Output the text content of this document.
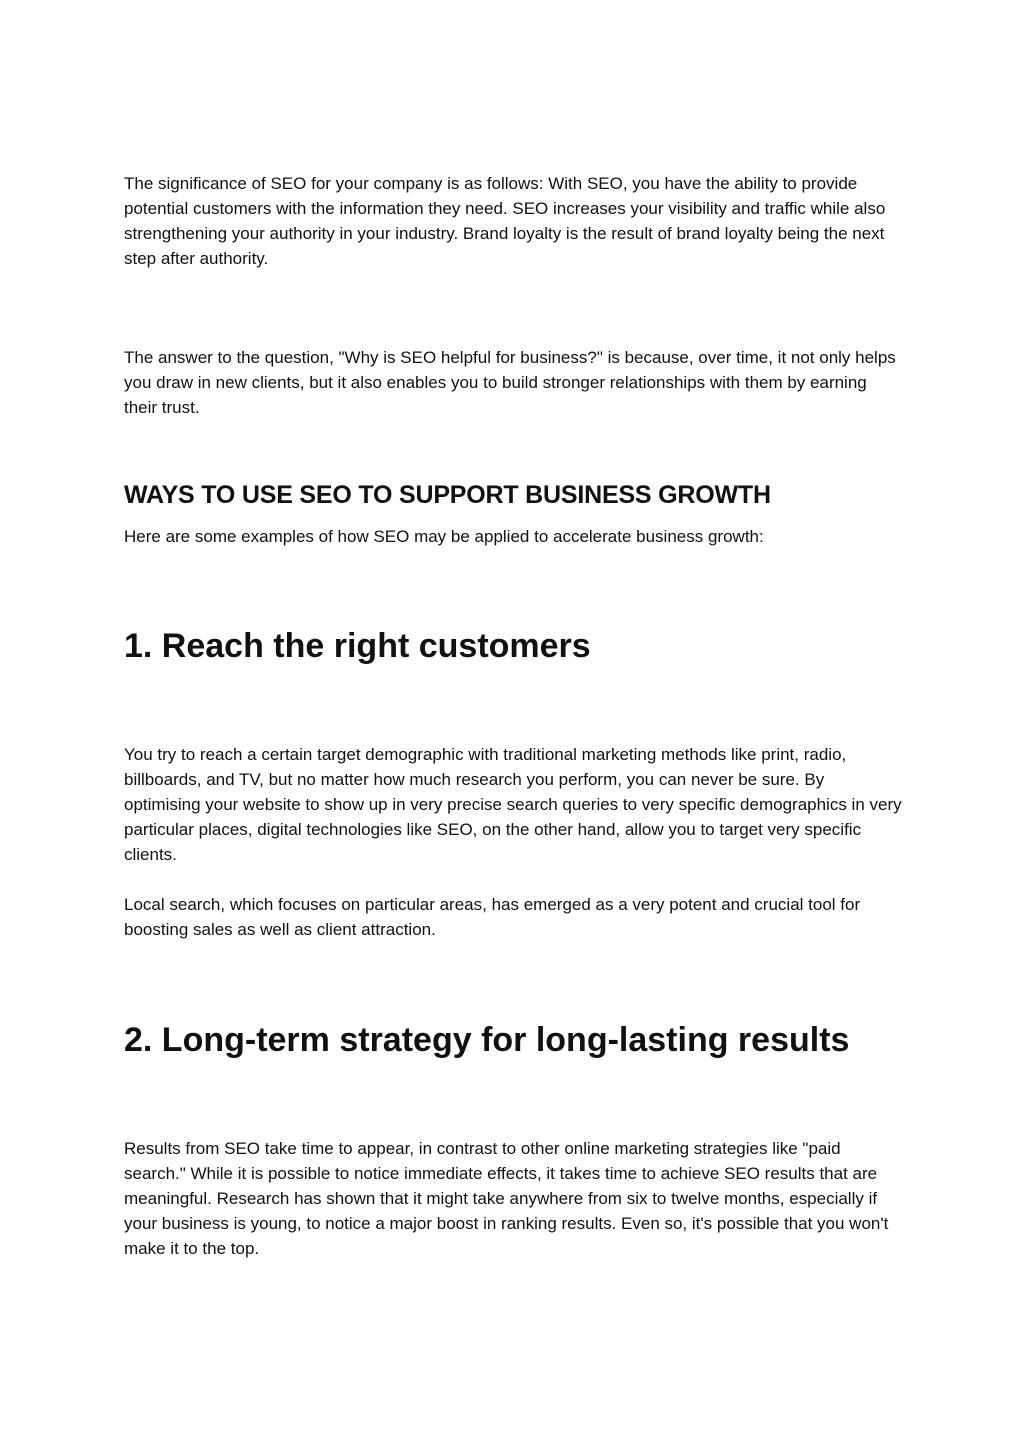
The significance of SEO for your company is as follows: With SEO, you have the ability to provide potential customers with the information they need. SEO increases your visibility and traffic while also strengthening your authority in your industry. Brand loyalty is the result of brand loyalty being the next step after authority.

The answer to the question, "Why is SEO helpful for business?" is because, over time, it not only helps you draw in new clients, but it also enables you to build stronger relationships with them by earning their trust.

WAYS TO USE SEO TO SUPPORT BUSINESS GROWTH

Here are some examples of how SEO may be applied to accelerate business growth:

1. Reach the right customers

You try to reach a certain target demographic with traditional marketing methods like print, radio, billboards, and TV, but no matter how much research you perform, you can never be sure. By optimising your website to show up in very precise search queries to very specific demographics in very particular places, digital technologies like SEO, on the other hand, allow you to target very specific clients.

Local search, which focuses on particular areas, has emerged as a very potent and crucial tool for boosting sales as well as client attraction.

2. Long-term strategy for long-lasting results

Results from SEO take time to appear, in contrast to other online marketing strategies like "paid search." While it is possible to notice immediate effects, it takes time to achieve SEO results that are meaningful. Research has shown that it might take anywhere from six to twelve months, especially if your business is young, to notice a major boost in ranking results. Even so, it's possible that you won't make it to the top.
